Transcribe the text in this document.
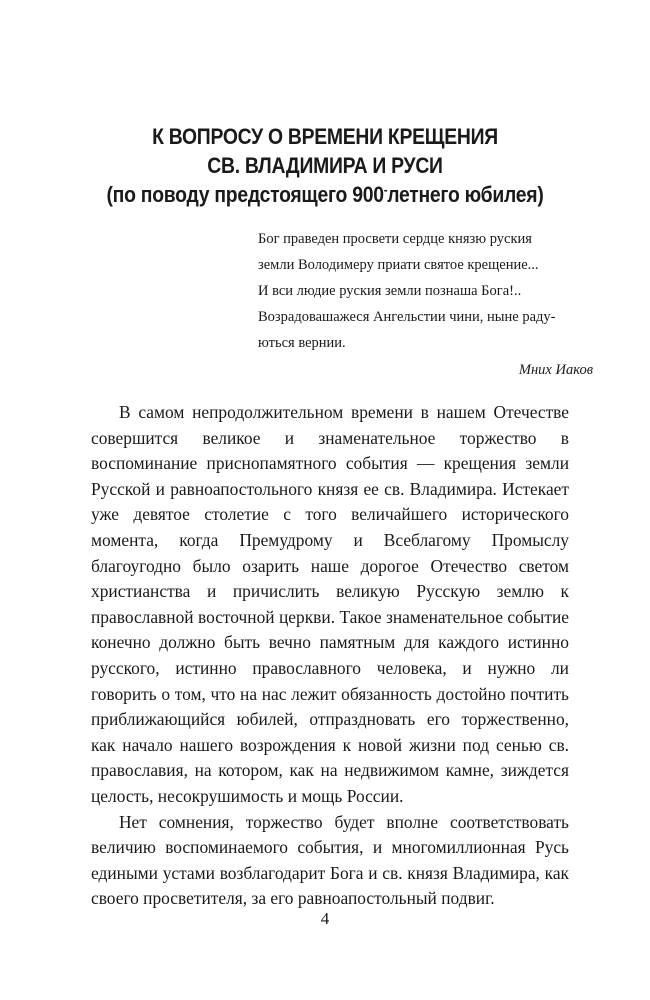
К ВОПРОСУ О ВРЕМЕНИ КРЕЩЕНИЯ
СВ. ВЛАДИМИРА И РУСИ
(по поводу предстоящего 900-летнего юбилея)
Бог праведен просвети сердце князю руския
земли Володимеру приати святое крещение...
И вси людие руския земли познаша Бога!..
Возрадовашажеся Ангельстии чини, ныне раду-
ються вернии.
Мних Иаков

В самом непродолжительном времени в нашем Отечестве совершится великое и знаменательное торжество в воспоминание приснопамятного события — крещения земли Русской и равноапостольного князя ее св. Владимира. Истекает уже девятое столетие с того величайшего исторического момента, когда Премудрому и Всеблагому Промыслу благоугодно было озарить наше дорогое Отечество светом христианства и причислить великую Русскую землю к православной восточной церкви. Такое знаменательное событие конечно должно быть вечно памятным для каждого истинно русского, истинно православного человека, и нужно ли говорить о том, что на нас лежит обязанность достойно почтить приближающийся юбилей, отпраздновать его торжественно, как начало нашего возрождения к новой жизни под сенью св. православия, на котором, как на недвижимом камне, зиждется целость, несокрушимость и мощь России.

Нет сомнения, торжество будет вполне соответствовать величию воспоминаемого события, и многомиллионная Русь едиными устами возблагодарит Бога и св. князя Владимира, как своего просветителя, за его равноапостольный подвиг.

4
